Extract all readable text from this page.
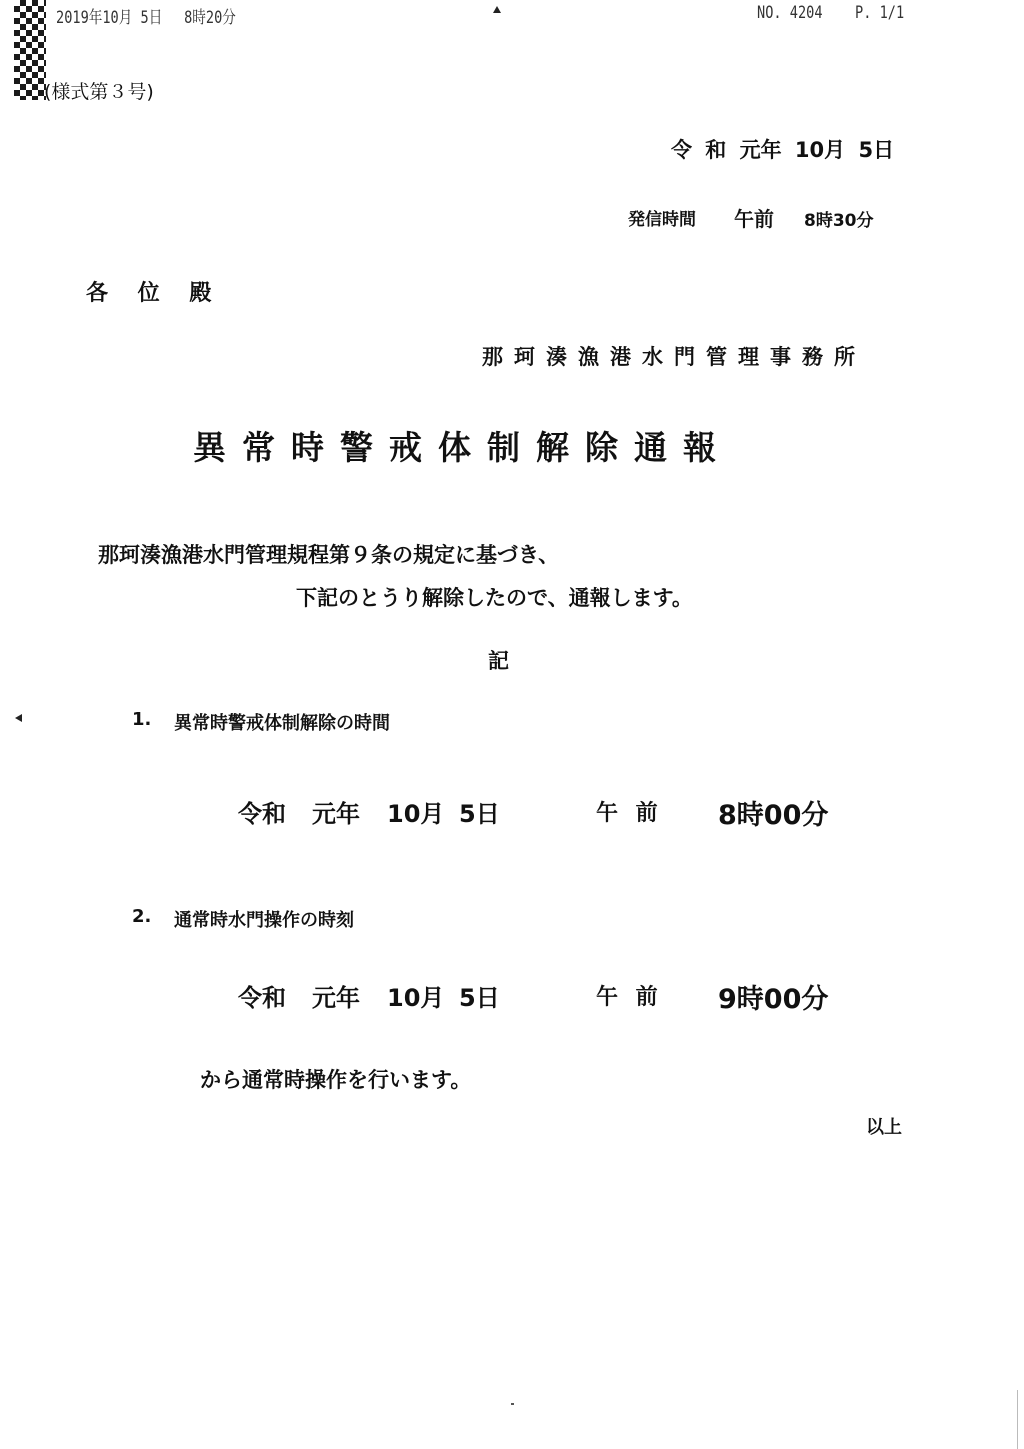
2019年10月 5日　 8時20分	NO. 4204 P. 1/1
(様式第３号)
令 和 元年 10月 5日
発信時間 午前 8時30分
各 位 殿
那珂湊漁港水門管理事務所
異常時警戒体制解除通報
那珂湊漁港水門管理規程第９条の規定に基づき、
下記のとうり解除したので、通報します。
記
1. 異常時警戒体制解除の時間
令和 元年 10月 5日	午 前 8時00分
2. 通常時水門操作の時刻
令和 元年 10月 5日	午 前 9時00分
から通常時操作を行います。
以上
